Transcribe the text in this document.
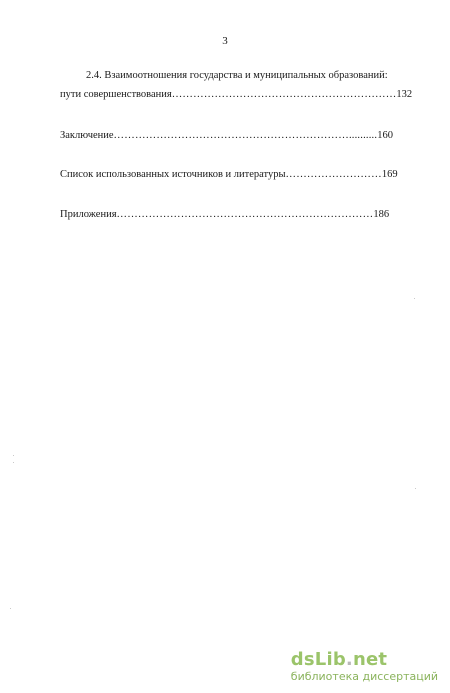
3
2.4. Взаимоотношения государства и муниципальных образований:
пути совершенствования………………………………………………………132
Заключение…………………………………………………………..........160
Список использованных источников и литературы………………………169
Приложения………………………………………………………………186
dsLib.net
библиотека диссертаций
